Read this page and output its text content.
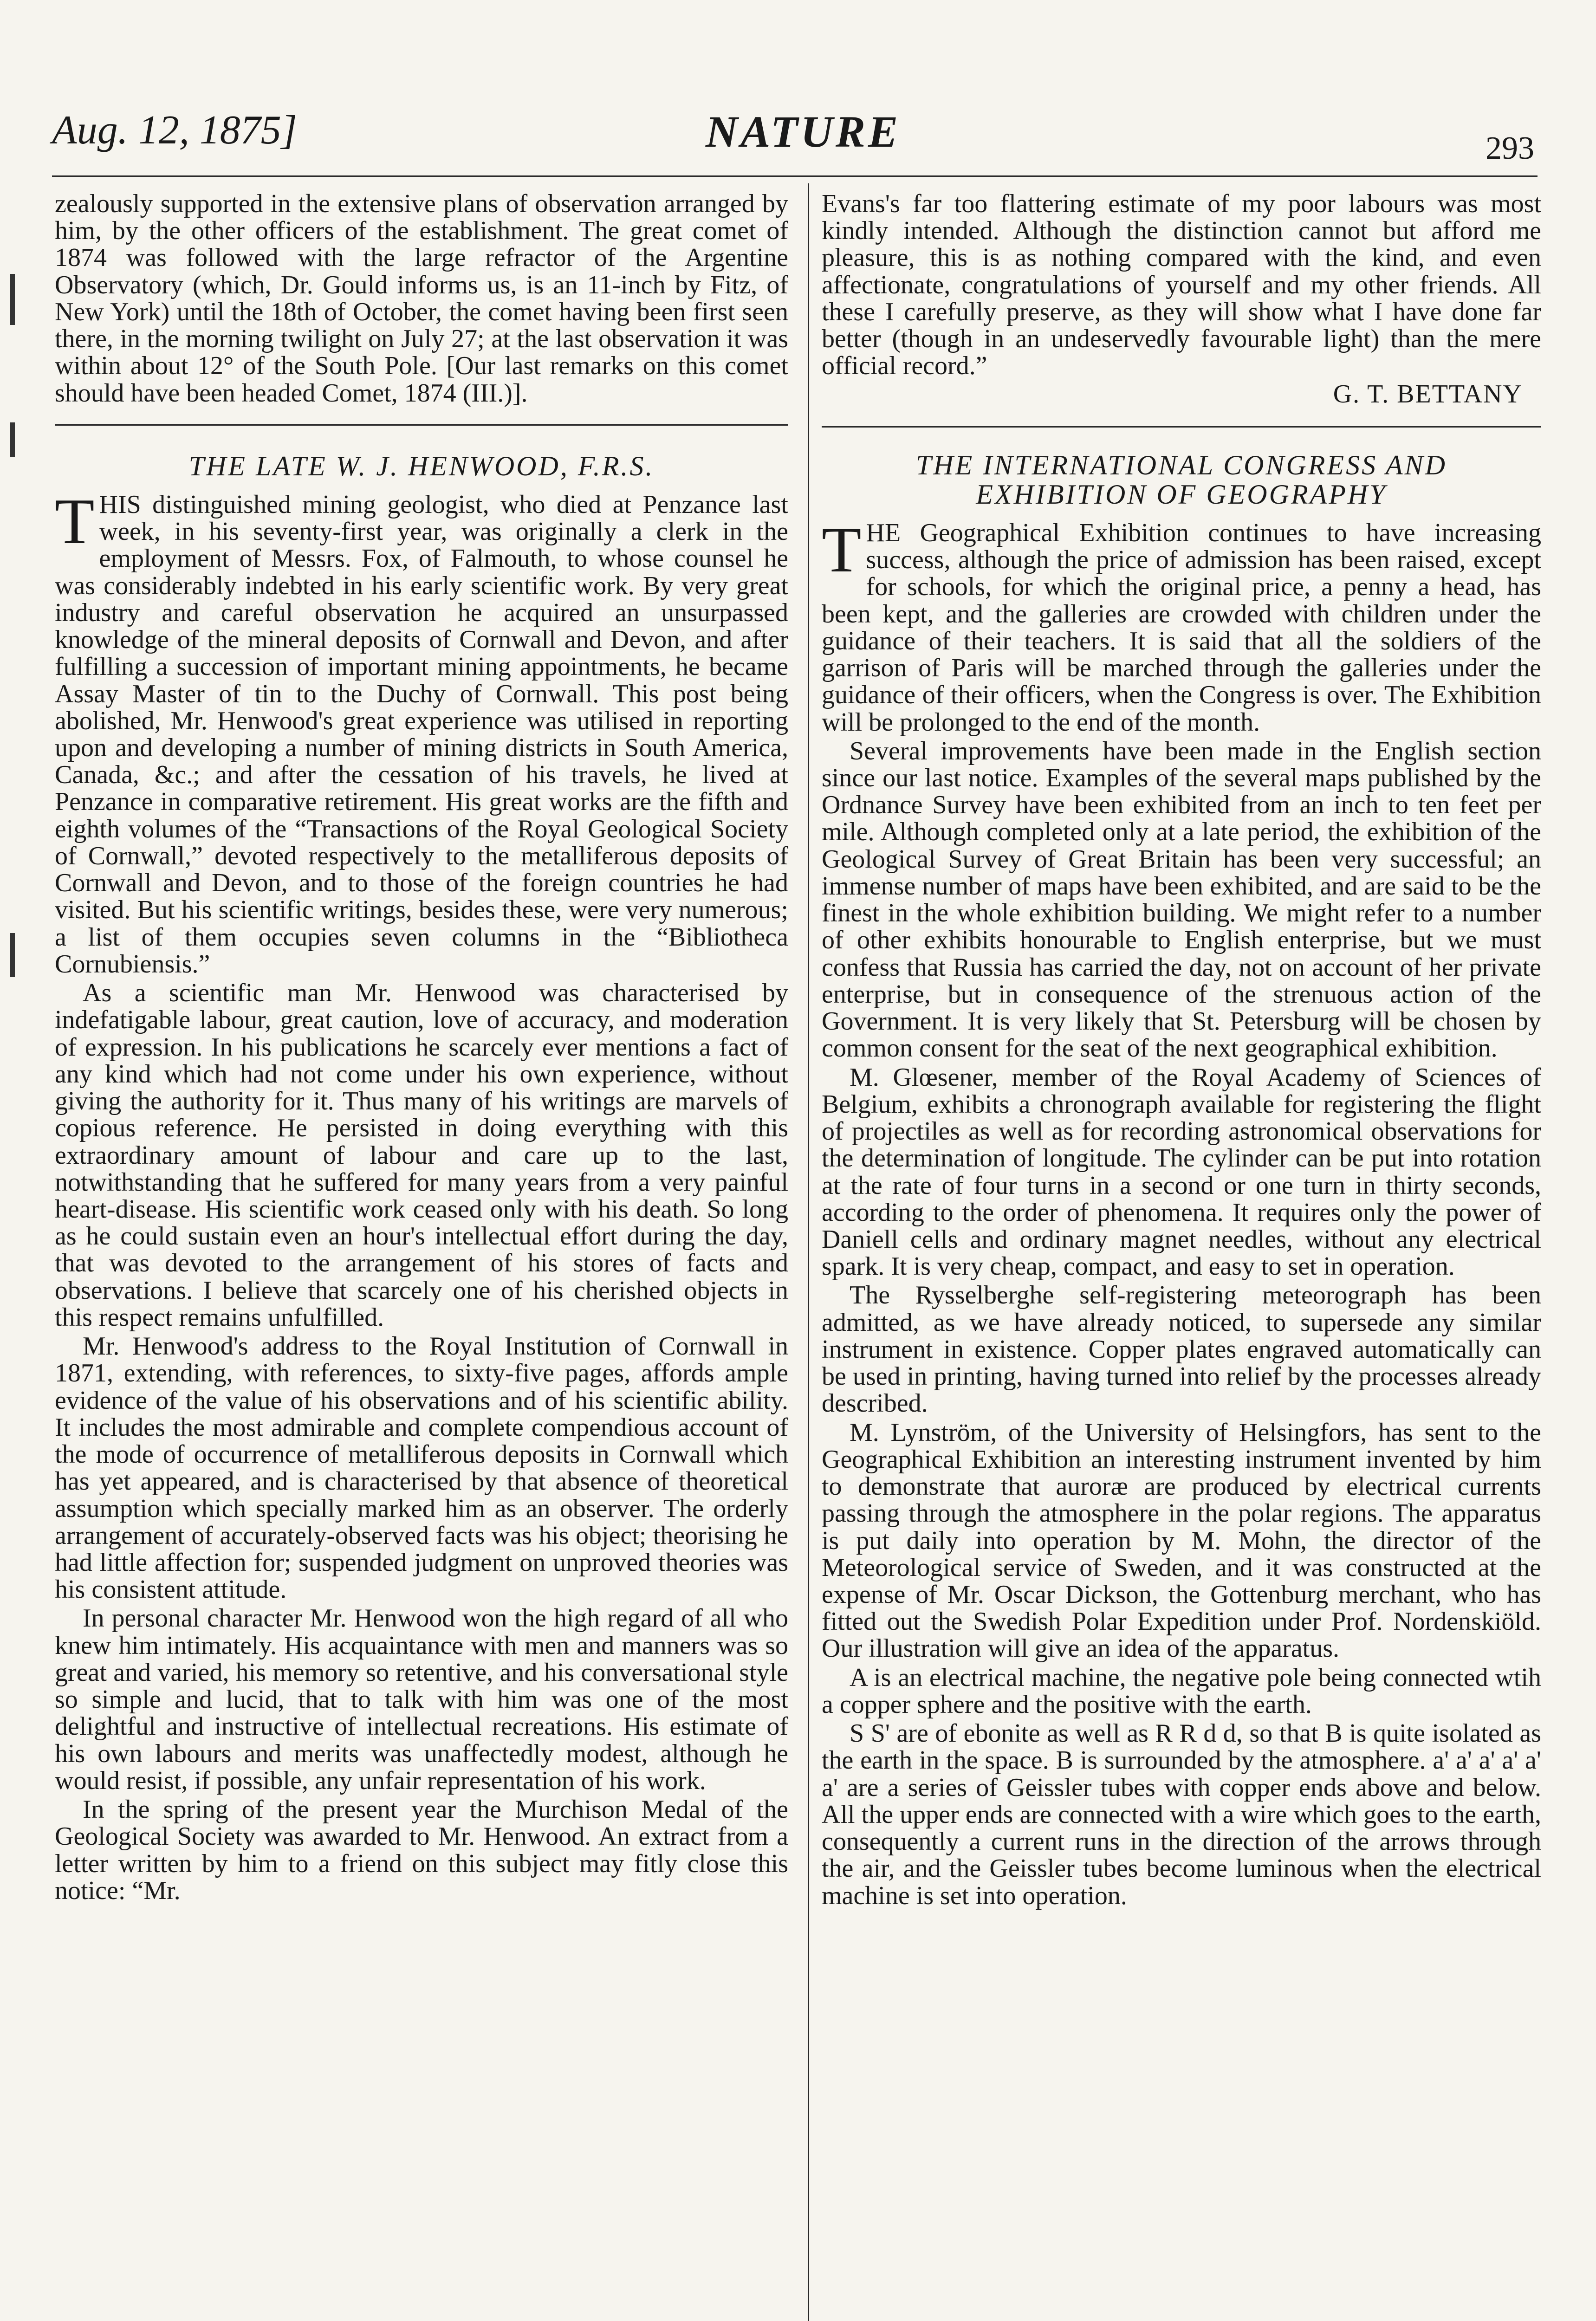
Aug. 12, 1875]	NATURE	293

zealously supported in the extensive plans of observation arranged by him, by the other officers of the establishment. The great comet of 1874 was followed with the large refractor of the Argentine Observatory (which, Dr. Gould informs us, is an 11-inch by Fitz, of New York) until the 18th of October, the comet having been first seen there, in the morning twilight on July 27; at the last observation it was within about 12° of the South Pole. [Our last remarks on this comet should have been headed Comet, 1874 (III.)].

THE LATE W. J. HENWOOD, F.R.S.

T HIS distinguished mining geologist, who died at Penzance last week, in his seventy-first year, was originally a clerk in the employment of Messrs. Fox, of Falmouth, to whose counsel he was considerably indebted in his early scientific work. By very great industry and careful observation he acquired an unsurpassed knowledge of the mineral deposits of Cornwall and Devon, and after fulfilling a succession of important mining appointments, he became Assay Master of tin to the Duchy of Cornwall. This post being abolished, Mr. Henwood's great experience was utilised in reporting upon and developing a number of mining districts in South America, Canada, &c.; and after the cessation of his travels, he lived at Penzance in comparative retirement. His great works are the fifth and eighth volumes of the “Transactions of the Royal Geological Society of Cornwall,” devoted respectively to the metalliferous deposits of Cornwall and Devon, and to those of the foreign countries he had visited. But his scientific writings, besides these, were very numerous; a list of them occupies seven columns in the “Bibliotheca Cornubiensis.”

As a scientific man Mr. Henwood was characterised by indefatigable labour, great caution, love of accuracy, and moderation of expression. In his publications he scarcely ever mentions a fact of any kind which had not come under his own experience, without giving the authority for it. Thus many of his writings are marvels of copious reference. He persisted in doing everything with this extraordinary amount of labour and care up to the last, notwithstanding that he suffered for many years from a very painful heart-disease. His scientific work ceased only with his death. So long as he could sustain even an hour's intellectual effort during the day, that was devoted to the arrangement of his stores of facts and observations. I believe that scarcely one of his cherished objects in this respect remains unfulfilled.

Mr. Henwood's address to the Royal Institution of Cornwall in 1871, extending, with references, to sixty-five pages, affords ample evidence of the value of his observations and of his scientific ability. It includes the most admirable and complete compendious account of the mode of occurrence of metalliferous deposits in Cornwall which has yet appeared, and is characterised by that absence of theoretical assumption which specially marked him as an observer. The orderly arrangement of accurately-observed facts was his object; theorising he had little affection for; suspended judgment on unproved theories was his consistent attitude.

In personal character Mr. Henwood won the high regard of all who knew him intimately. His acquaintance with men and manners was so great and varied, his memory so retentive, and his conversational style so simple and lucid, that to talk with him was one of the most delightful and instructive of intellectual recreations. His estimate of his own labours and merits was unaffectedly modest, although he would resist, if possible, any unfair representation of his work.

In the spring of the present year the Murchison Medal of the Geological Society was awarded to Mr. Henwood. An extract from a letter written by him to a friend on this subject may fitly close this notice: “Mr.

Evans's far too flattering estimate of my poor labours was most kindly intended. Although the distinction cannot but afford me pleasure, this is as nothing compared with the kind, and even affectionate, congratulations of yourself and my other friends. All these I carefully preserve, as they will show what I have done far better (though in an undeservedly favourable light) than the mere official record.”

G. T. BETTANY
THE INTERNATIONAL CONGRESS AND
EXHIBITION OF GEOGRAPHY

T HE Geographical Exhibition continues to have increasing success, although the price of admission has been raised, except for schools, for which the original price, a penny a head, has been kept, and the galleries are crowded with children under the guidance of their teachers. It is said that all the soldiers of the garrison of Paris will be marched through the galleries under the guidance of their officers, when the Congress is over. The Exhibition will be prolonged to the end of the month.

Several improvements have been made in the English section since our last notice. Examples of the several maps published by the Ordnance Survey have been exhibited from an inch to ten feet per mile. Although completed only at a late period, the exhibition of the Geological Survey of Great Britain has been very successful; an immense number of maps have been exhibited, and are said to be the finest in the whole exhibition building. We might refer to a number of other exhibits honourable to English enterprise, but we must confess that Russia has carried the day, not on account of her private enterprise, but in consequence of the strenuous action of the Government. It is very likely that St. Petersburg will be chosen by common consent for the seat of the next geographical exhibition.

M. Glœsener, member of the Royal Academy of Sciences of Belgium, exhibits a chronograph available for registering the flight of projectiles as well as for recording astronomical observations for the determination of longitude. The cylinder can be put into rotation at the rate of four turns in a second or one turn in thirty seconds, according to the order of phenomena. It requires only the power of Daniell cells and ordinary magnet needles, without any electrical spark. It is very cheap, compact, and easy to set in operation.

The Rysselberghe self-registering meteorograph has been admitted, as we have already noticed, to supersede any similar instrument in existence. Copper plates engraved automatically can be used in printing, having turned into relief by the processes already described.

M. Lynström, of the University of Helsingfors, has sent to the Geographical Exhibition an interesting instrument invented by him to demonstrate that auroræ are produced by electrical currents passing through the atmosphere in the polar regions. The apparatus is put daily into operation by M. Mohn, the director of the Meteorological service of Sweden, and it was constructed at the expense of Mr. Oscar Dickson, the Gottenburg merchant, who has fitted out the Swedish Polar Expedition under Prof. Nordenskiöld. Our illustration will give an idea of the apparatus.

A is an electrical machine, the negative pole being connected wtih a copper sphere and the positive with the earth.

S S' are of ebonite as well as R R d d, so that B is quite isolated as the earth in the space. B is surrounded by the atmosphere. a' a' a' a' a' a' are a series of Geissler tubes with copper ends above and below. All the upper ends are connected with a wire which goes to the earth, consequently a current runs in the direction of the arrows through the air, and the Geissler tubes become luminous when the electrical machine is set into operation.
